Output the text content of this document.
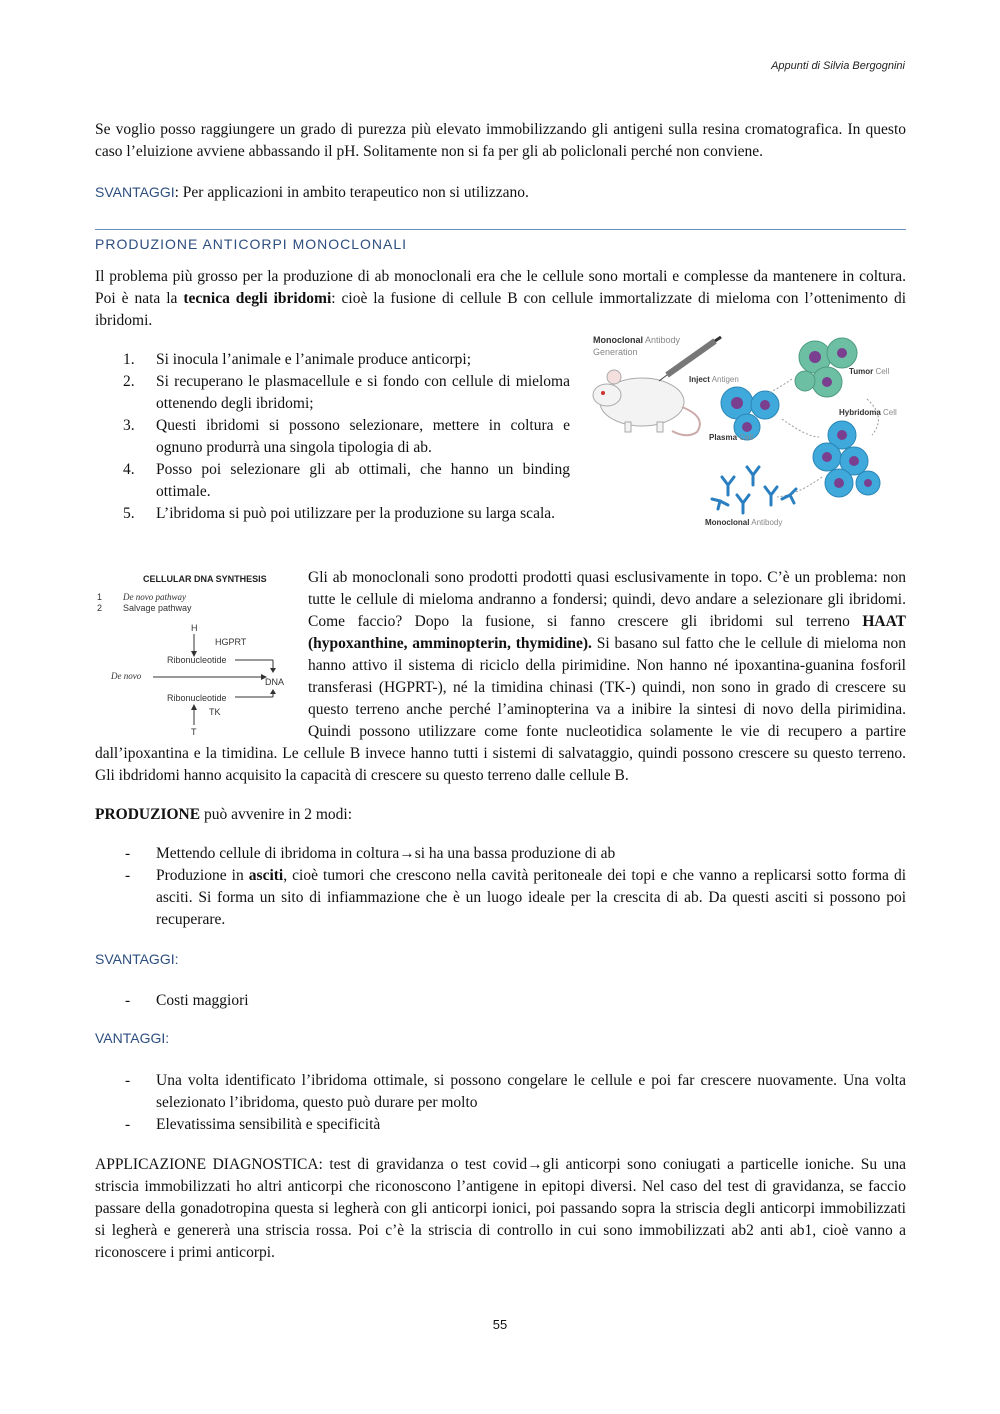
Appunti di Silvia Bergognini
Se voglio posso raggiungere un grado di purezza più elevato immobilizzando gli antigeni sulla resina cromatografica. In questo caso l’eluizione avviene abbassando il pH. Solitamente non si fa per gli ab policlonali perché non conviene.
SVANTAGGI: Per applicazioni in ambito terapeutico non si utilizzano.
PRODUZIONE ANTICORPI MONOCLONALI
Il problema più grosso per la produzione di ab monoclonali era che le cellule sono mortali e complesse da mantenere in coltura. Poi è nata la tecnica degli ibridomi: cioè la fusione di cellule B con cellule immortalizzate di mieloma con l’ottenimento di ibridomi.
1. Si inocula l’animale e l’animale produce anticorpi;
2. Si recuperano le plasmacellule e si fondo con cellule di mieloma ottenendo degli ibridomi;
3. Questi ibridomi si possono selezionare, mettere in coltura e ognuno produrrà una singola tipologia di ab.
4. Posso poi selezionare gli ab ottimali, che hanno un binding ottimale.
5. L’ibridoma si può poi utilizzare per la produzione su larga scala.
Monoclonal Antibody
Generation
Inject Antigen
Tumor Cell
Plasma Cell
Hybridoma Cell
Monoclonal Antibody
CELLULAR DNA SYNTHESIS
1 De novo pathway
2 Salvage pathway
H
HGPRT
Ribonucleotide
De novo
DNA
Ribonucleotide
TK
T
Gli ab monoclonali sono prodotti prodotti quasi esclusivamente in topo. C’è un problema: non tutte le cellule di mieloma andranno a fondersi; quindi, devo andare a selezionare gli ibridomi. Come faccio? Dopo la fusione, si fanno crescere gli ibridomi sul terreno HAAT (hypoxanthine, amminopterin, thymidine). Si basano sul fatto che le cellule di mieloma non hanno attivo il sistema di riciclo della pirimidine. Non hanno né ipoxantina-guanina fosforil transferasi (HGPRT-), né la timidina chinasi (TK-) quindi, non sono in grado di crescere su questo terreno anche perché l’aminopterina va a inibire la sintesi di novo della pirimidina. Quindi possono utilizzare come fonte nucleotidica solamente le vie di recupero a partire dall’ipoxantina e la timidina. Le cellule B invece hanno tutti i sistemi di salvataggio, quindi possono crescere su questo terreno. Gli ibdridomi hanno acquisito la capacità di crescere su questo terreno dalle cellule B.
PRODUZIONE può avvenire in 2 modi:
- Mettendo cellule di ibridoma in coltura→si ha una bassa produzione di ab
- Produzione in asciti, cioè tumori che crescono nella cavità peritoneale dei topi e che vanno a replicarsi sotto forma di asciti. Si forma un sito di infiammazione che è un luogo ideale per la crescita di ab. Da questi asciti si possono poi recuperare.
SVANTAGGI:
- Costi maggiori
VANTAGGI:
- Una volta identificato l’ibridoma ottimale, si possono congelare le cellule e poi far crescere nuovamente. Una volta selezionato l’ibridoma, questo può durare per molto
- Elevatissima sensibilità e specificità
APPLICAZIONE DIAGNOSTICA: test di gravidanza o test covid→gli anticorpi sono coniugati a particelle ioniche. Su una striscia immobilizzati ho altri anticorpi che riconoscono l’antigene in epitopi diversi. Nel caso del test di gravidanza, se faccio passare della gonadotropina questa si legherà con gli anticorpi ionici, poi passando sopra la striscia degli anticorpi immobilizzati si legherà e genererà una striscia rossa. Poi c’è la striscia di controllo in cui sono immobilizzati ab2 anti ab1, cioè vanno a riconoscere i primi anticorpi.
55
